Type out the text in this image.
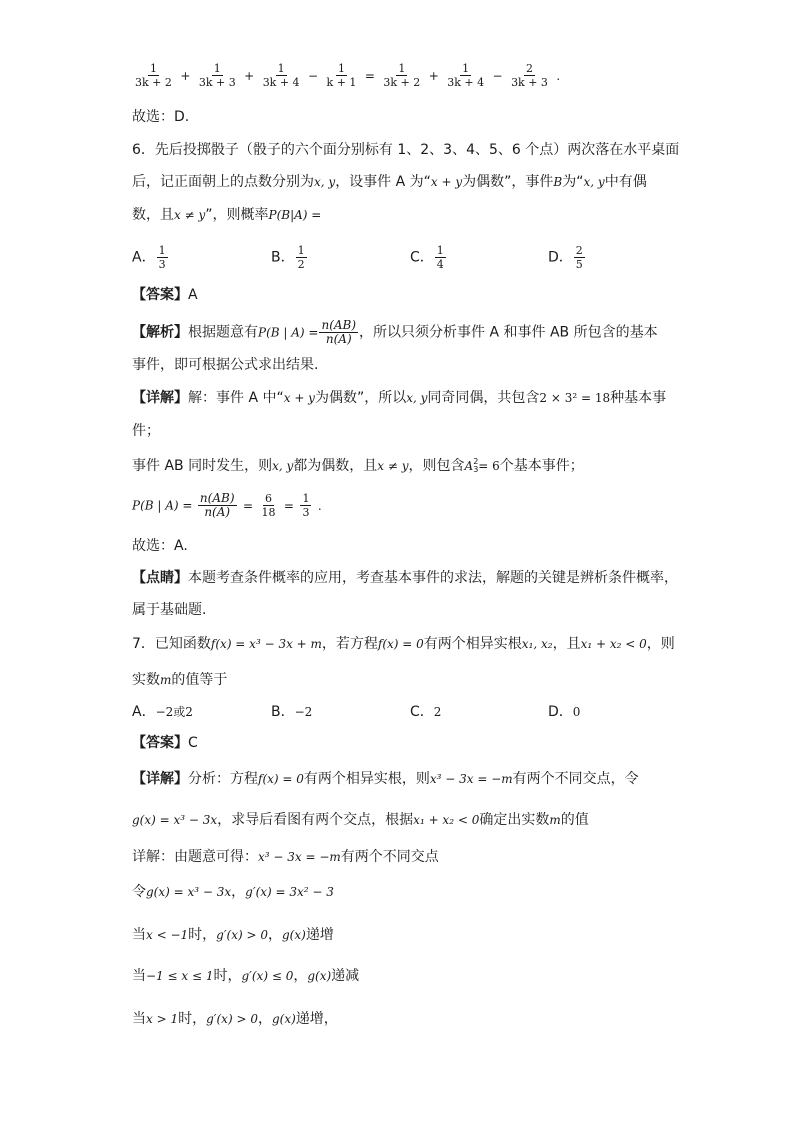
$\frac{1}{3k + 2} + \frac{1}{3k + 3} + \frac{1}{3k + 4} - \frac{1}{k + 1} = \frac{1}{3k + 2} + \frac{1}{3k + 4} - \frac{2}{3k + 3}$ .
故选：D.
6．先后投掷骰子（骰子的六个面分别标有 1、2、3、4、5、6 个点）两次落在水平桌面
后，记正面朝上的点数分别为x, y，设事件 A 为“x + y为偶数”，事件B为“x, y中有偶
数，且x ≠ y”，则概率P(B|A) =
A． $\frac{1}{3}$	B． $\frac{1}{2}$	C． $\frac{1}{4}$	D． $\frac{2}{5}$
【答案】A
【解析】根据题意有P(B | $A) = \frac{n(AB)}{n(A)}$ ，所以只须分析事件 A 和事件 AB 所包含的基本
事件，即可根据公式求出结果.
【详解】解：事件 A 中“x + y为偶数”，所以x, y同奇同偶，共包含2 × 3² = 18种基本事
件；
事件 AB 同时发生，则x, y都为偶数，且x ≠ y，则包含A 2
3 = 6个基本事件；
P(B | $A) = \frac{n(AB)}{n(A)} = \frac{6}{18} = \frac{1}{3}$ .
故选：A.
【点睛】本题考查条件概率的应用，考查基本事件的求法，解题的关键是辨析条件概率，
属于基础题.
7．已知函数f(x) = x³ − 3x + m，若方程f(x) = 0有两个相异实根x₁, x₂，且x₁ + x₂ < 0，则
实数m的值等于
A．−2或2	B．−2	C．2	D．0
【答案】C
【详解】分析：方程f(x) = 0有两个相异实根，则x³ − 3x = −m有两个不同交点，令
g(x) = x³ − 3x，求导后看图有两个交点，根据x₁ + x₂ < 0确定出实数m的值
详解：由题意可得：x³ − 3x = −m有两个不同交点
令g(x) = x³ − 3x，g′(x) = 3x² − 3
当x < −1时，g′(x) > 0，g(x)递增
当−1 ≤ x ≤ 1时，g′(x) ≤ 0，g(x)递减
当x > 1时，g′(x) > 0，g(x)递增，
